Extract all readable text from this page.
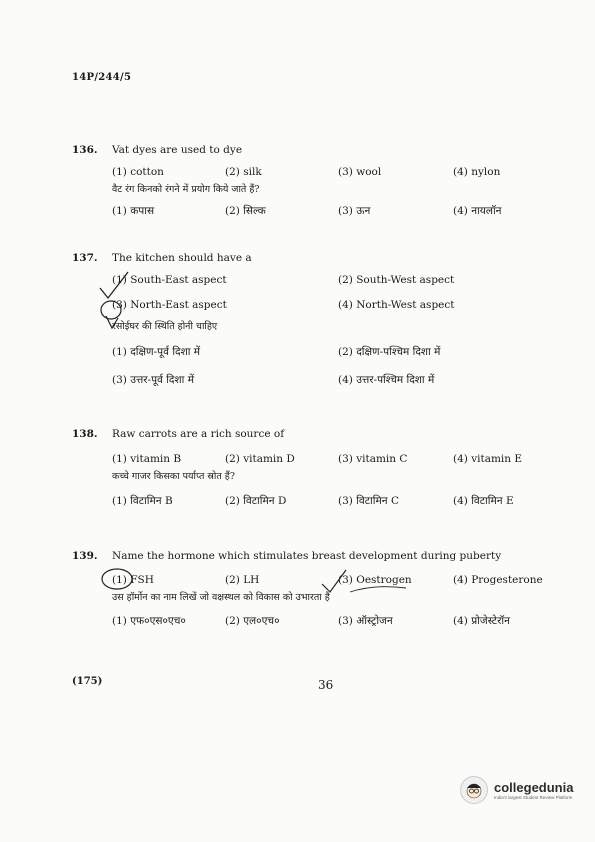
14P/244/5
136.	Vat dyes are used to dye
(1) cotton	(2) silk	(3) wool	(4) nylon
वैट रंग किनको रंगने में प्रयोग किये जाते हैं?
(1) कपास	(2) सिल्क	(3) ऊन	(4) नायलॉन
137.	The kitchen should have a
(1) South-East aspect	(2) South-West aspect
(3) North-East aspect	(4) North-West aspect
रसोईघर की स्थिति होनी चाहिए
(1) दक्षिण-पूर्व दिशा में	(2) दक्षिण-पश्चिम दिशा में
(3) उत्तर-पूर्व दिशा में	(4) उत्तर-पश्चिम दिशा में
138.	Raw carrots are a rich source of
(1) vitamin B	(2) vitamin D	(3) vitamin C	(4) vitamin E
कच्चे गाजर किसका पर्याप्त स्रोत हैं?
(1) विटामिन B	(2) विटामिन D	(3) विटामिन C	(4) विटामिन E
139.	Name the hormone which stimulates breast development during puberty
(1) FSH	(2) LH	(3) Oestrogen	(4) Progesterone
उस हॉर्मोन का नाम लिखें जो वक्षस्थल को विकास को उभारता है
(1) एफ०एस०एच०	(2) एल०एच०	(3) ऑस्ट्रोजन	(4) प्रोजेस्टेरॉन
(175)	36
collegedunia
India's largest Student Review Platform
